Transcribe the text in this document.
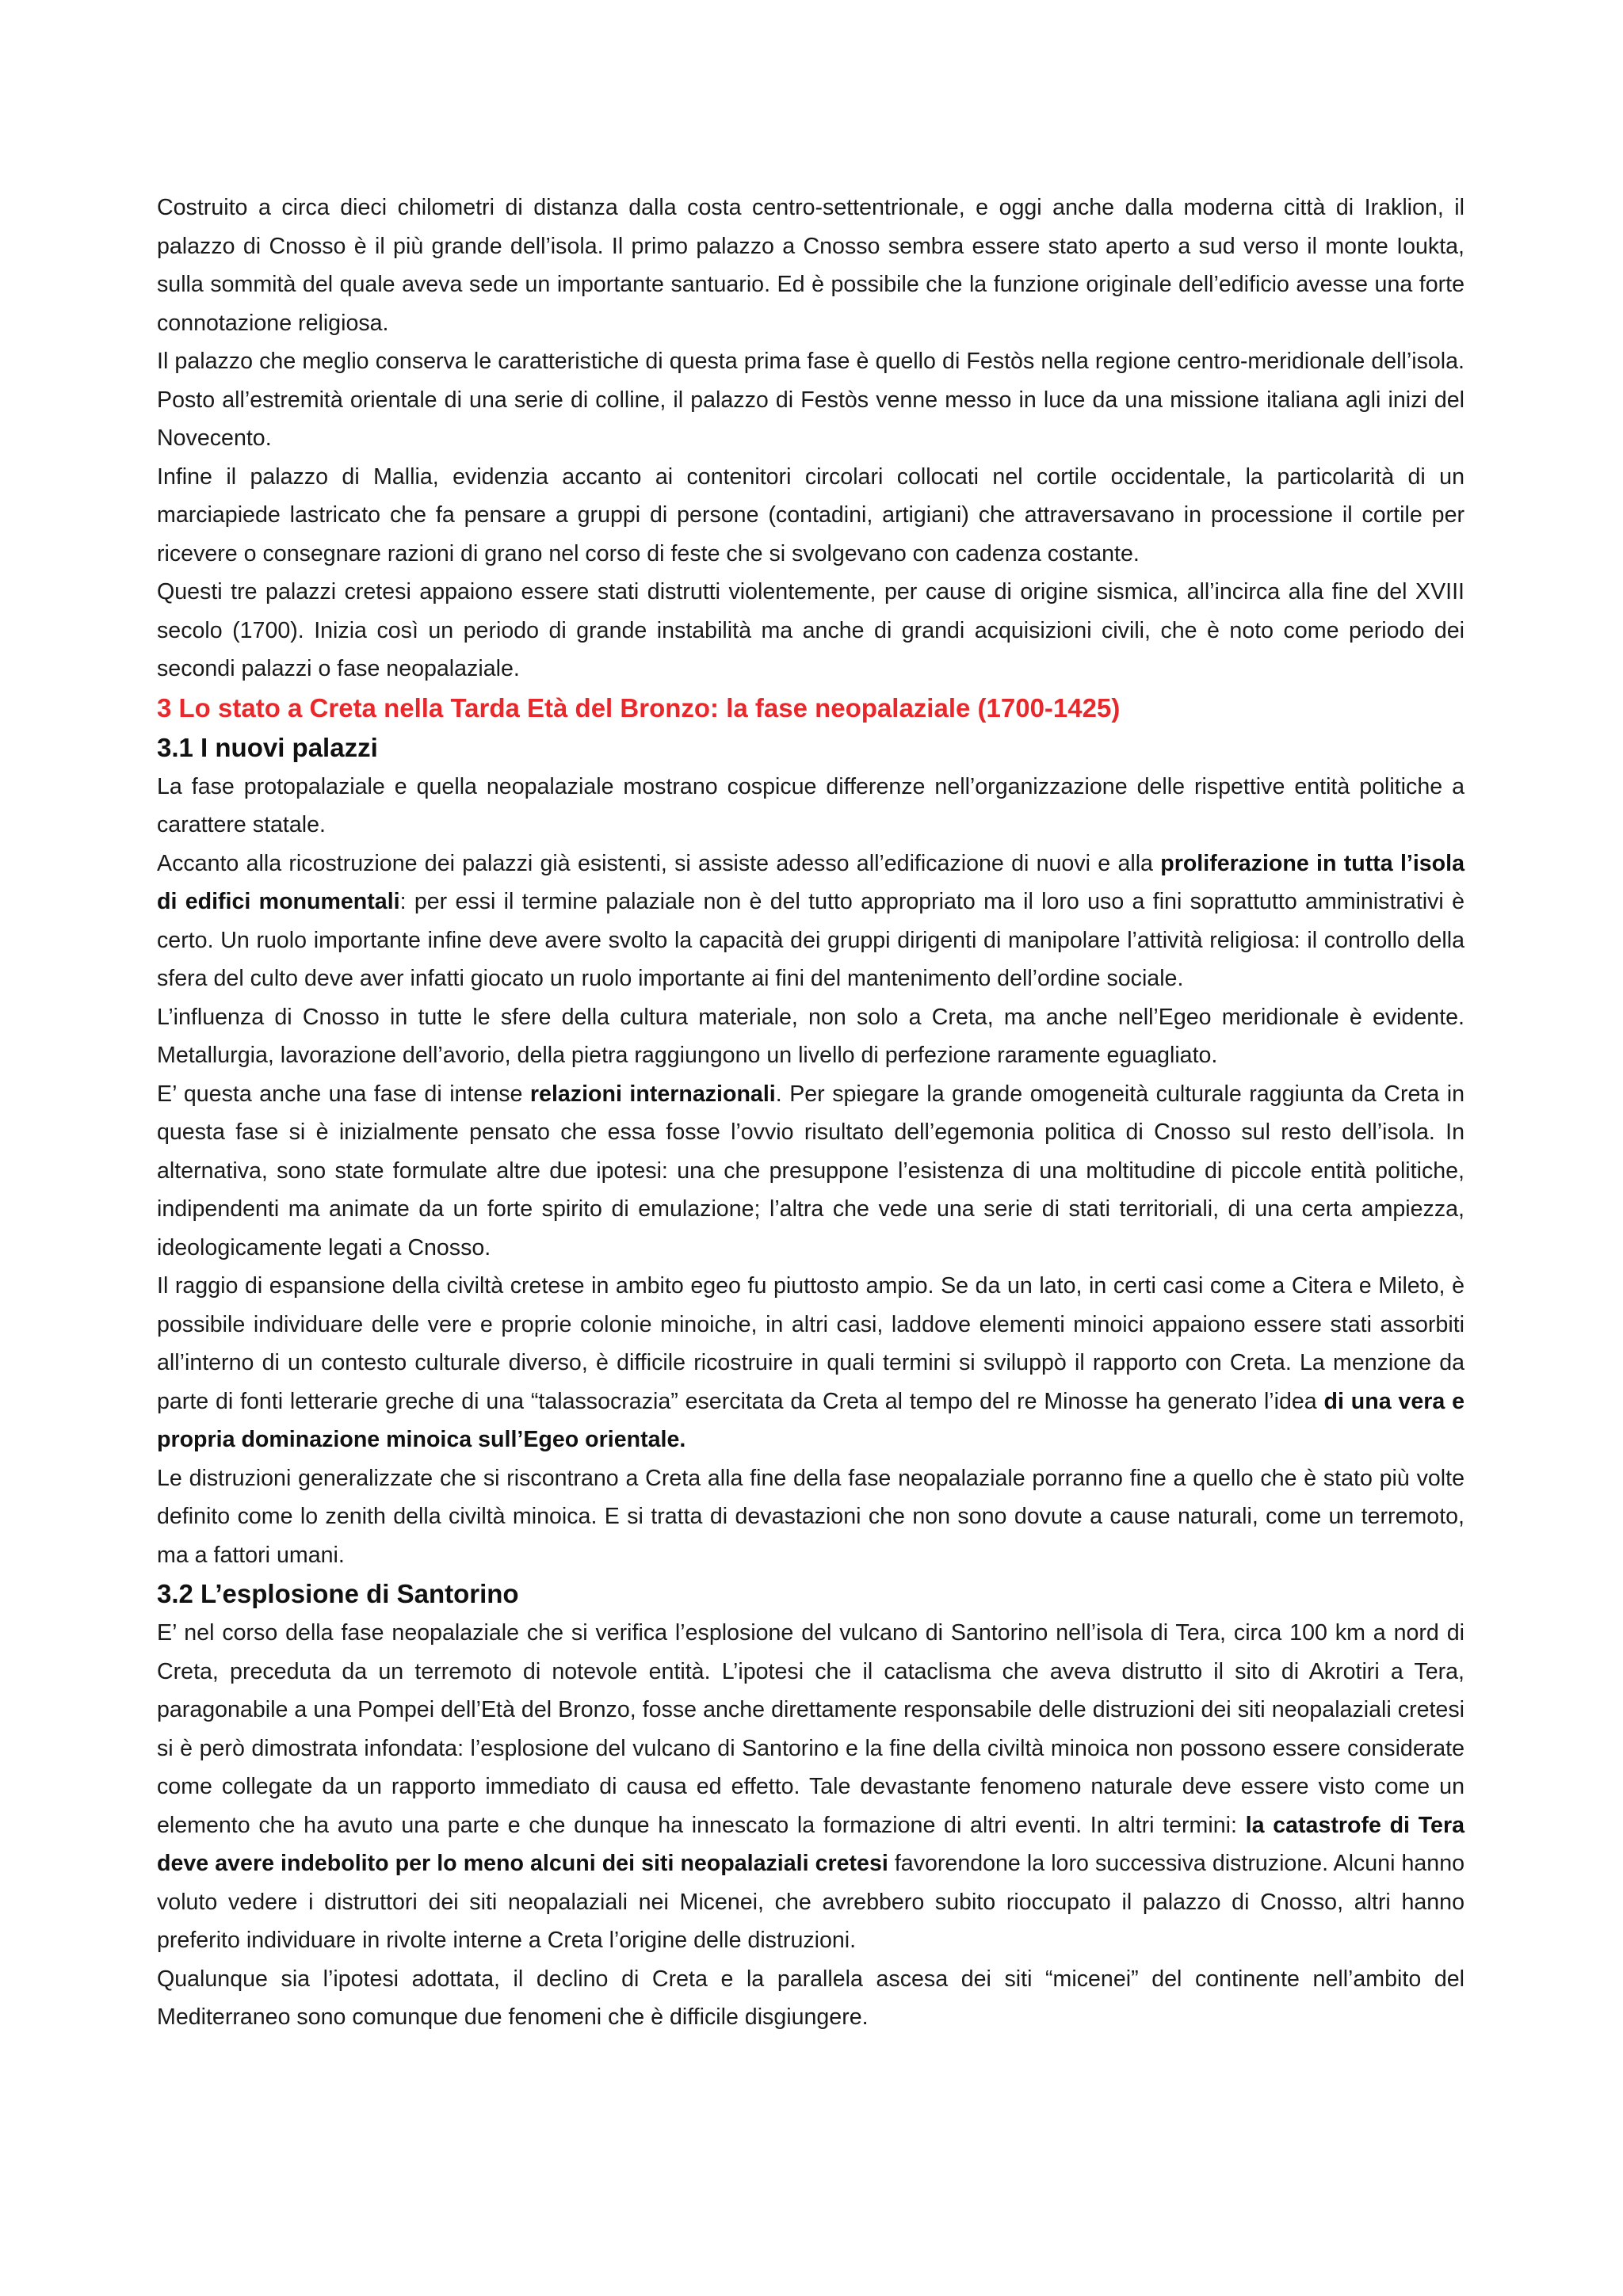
Costruito a circa dieci chilometri di distanza dalla costa centro-settentrionale, e oggi anche dalla moderna città di Iraklion, il palazzo di Cnosso è il più grande dell’isola. Il primo palazzo a Cnosso sembra essere stato aperto a sud verso il monte Ioukta, sulla sommità del quale aveva sede un importante santuario. Ed è possibile che la funzione originale dell’edificio avesse una forte connotazione religiosa.

Il palazzo che meglio conserva le caratteristiche di questa prima fase è quello di Festòs nella regione centro-meridionale dell’isola. Posto all’estremità orientale di una serie di colline, il palazzo di Festòs venne messo in luce da una missione italiana agli inizi del Novecento.

Infine il palazzo di Mallia, evidenzia accanto ai contenitori circolari collocati nel cortile occidentale, la particolarità di un marciapiede lastricato che fa pensare a gruppi di persone (contadini, artigiani) che attraversavano in processione il cortile per ricevere o consegnare razioni di grano nel corso di feste che si svolgevano con cadenza costante.

Questi tre palazzi cretesi appaiono essere stati distrutti violentemente, per cause di origine sismica, all’incirca alla fine del XVIII secolo (1700). Inizia così un periodo di grande instabilità ma anche di grandi acquisizioni civili, che è noto come periodo dei secondi palazzi o fase neopalaziale.

3 Lo stato a Creta nella Tarda Età del Bronzo: la fase neopalaziale (1700-1425)
3.1 I nuovi palazzi

La fase protopalaziale e quella neopalaziale mostrano cospicue differenze nell’organizzazione delle rispettive entità politiche a carattere statale.

Accanto alla ricostruzione dei palazzi già esistenti, si assiste adesso all’edificazione di nuovi e alla proliferazione in tutta l’isola di edifici monumentali: per essi il termine palaziale non è del tutto appropriato ma il loro uso a fini soprattutto amministrativi è certo. Un ruolo importante infine deve avere svolto la capacità dei gruppi dirigenti di manipolare l’attività religiosa: il controllo della sfera del culto deve aver infatti giocato un ruolo importante ai fini del mantenimento dell’ordine sociale.

L’influenza di Cnosso in tutte le sfere della cultura materiale, non solo a Creta, ma anche nell’Egeo meridionale è evidente. Metallurgia, lavorazione dell’avorio, della pietra raggiungono un livello di perfezione raramente eguagliato.

E’ questa anche una fase di intense relazioni internazionali. Per spiegare la grande omogeneità culturale raggiunta da Creta in questa fase si è inizialmente pensato che essa fosse l’ovvio risultato dell’egemonia politica di Cnosso sul resto dell’isola. In alternativa, sono state formulate altre due ipotesi: una che presuppone l’esistenza di una moltitudine di piccole entità politiche, indipendenti ma animate da un forte spirito di emulazione; l’altra che vede una serie di stati territoriali, di una certa ampiezza, ideologicamente legati a Cnosso.

Il raggio di espansione della civiltà cretese in ambito egeo fu piuttosto ampio. Se da un lato, in certi casi come a Citera e Mileto, è possibile individuare delle vere e proprie colonie minoiche, in altri casi, laddove elementi minoici appaiono essere stati assorbiti all’interno di un contesto culturale diverso, è difficile ricostruire in quali termini si sviluppò il rapporto con Creta. La menzione da parte di fonti letterarie greche di una “talassocrazia” esercitata da Creta al tempo del re Minosse ha generato l’idea di una vera e propria dominazione minoica sull’Egeo orientale.

Le distruzioni generalizzate che si riscontrano a Creta alla fine della fase neopalaziale porranno fine a quello che è stato più volte definito come lo zenith della civiltà minoica. E si tratta di devastazioni che non sono dovute a cause naturali, come un terremoto, ma a fattori umani.

3.2 L’esplosione di Santorino

E’ nel corso della fase neopalaziale che si verifica l’esplosione del vulcano di Santorino nell’isola di Tera, circa 100 km a nord di Creta, preceduta da un terremoto di notevole entità. L’ipotesi che il cataclisma che aveva distrutto il sito di Akrotiri a Tera, paragonabile a una Pompei dell’Età del Bronzo, fosse anche direttamente responsabile delle distruzioni dei siti neopalaziali cretesi si è però dimostrata infondata: l’esplosione del vulcano di Santorino e la fine della civiltà minoica non possono essere considerate come collegate da un rapporto immediato di causa ed effetto. Tale devastante fenomeno naturale deve essere visto come un elemento che ha avuto una parte e che dunque ha innescato la formazione di altri eventi. In altri termini: la catastrofe di Tera deve avere indebolito per lo meno alcuni dei siti neopalaziali cretesi favorendone la loro successiva distruzione. Alcuni hanno voluto vedere i distruttori dei siti neopalaziali nei Micenei, che avrebbero subito rioccupato il palazzo di Cnosso, altri hanno preferito individuare in rivolte interne a Creta l’origine delle distruzioni.

Qualunque sia l’ipotesi adottata, il declino di Creta e la parallela ascesa dei siti “micenei” del continente nell’ambito del Mediterraneo sono comunque due fenomeni che è difficile disgiungere.
